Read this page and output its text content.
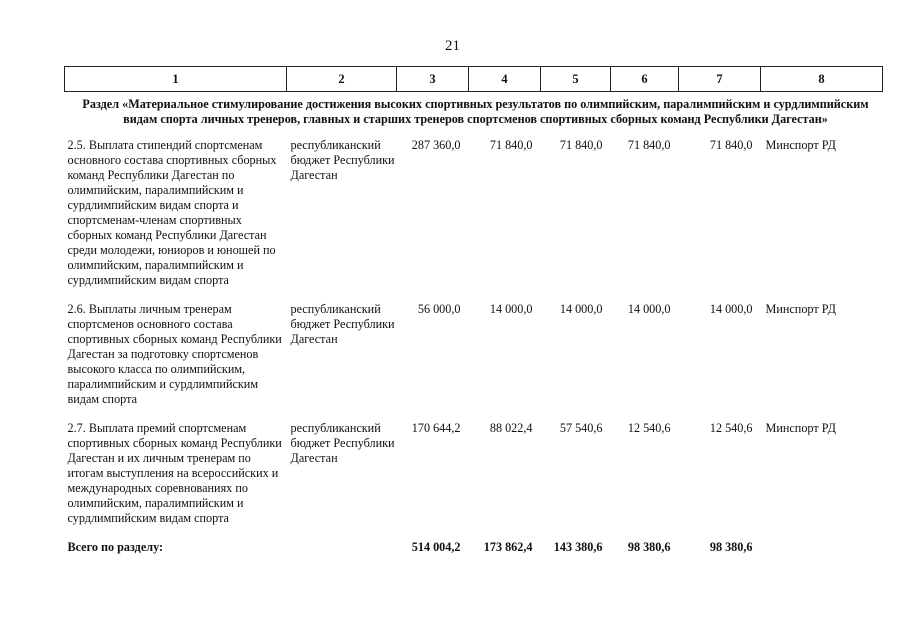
21
1	2	3	4	5	6	7	8
Раздел «Материальное стимулирование достижения высоких спортивных результатов по олимпийским, паралимпийским и сурдлимпийским видам спорта личных тренеров, главных и старших тренеров спортсменов спортивных сборных команд Республики Дагестан»							
2.5. Выплата стипендий спортсменам основного состава спортивных сборных команд Республики Дагестан по олимпийским, паралимпийским и сурдлимпийским видам спорта и спортсменам-членам спортивных сборных команд Республики Дагестан среди молодежи, юниоров и юношей по олимпийским, паралимпийским и сурдлимпийским видам спорта	республиканский бюджет Республики Дагестан	287 360,0	71 840,0	71 840,0	71 840,0	71 840,0	Минспорт РД
2.6. Выплаты личным тренерам спортсменов основного состава спортивных сборных команд Республики Дагестан за подготовку спортсменов высокого класса по олимпийским, паралимпийским и сурдлимпийским видам спорта	республиканский бюджет Республики Дагестан	56 000,0	14 000,0	14 000,0	14 000,0	14 000,0	Минспорт РД
2.7. Выплата премий спортсменам спортивных сборных команд Республики Дагестан и их личным тренерам по итогам выступления на всероссийских и международных соревнованиях по олимпийским, паралимпийским и сурдлимпийским видам спорта	республиканский бюджет Республики Дагестан	170 644,2	88 022,4	57 540,6	12 540,6	12 540,6	Минспорт РД
Всего по разделу:		514 004,2	173 862,4	143 380,6	98 380,6	98 380,6	
